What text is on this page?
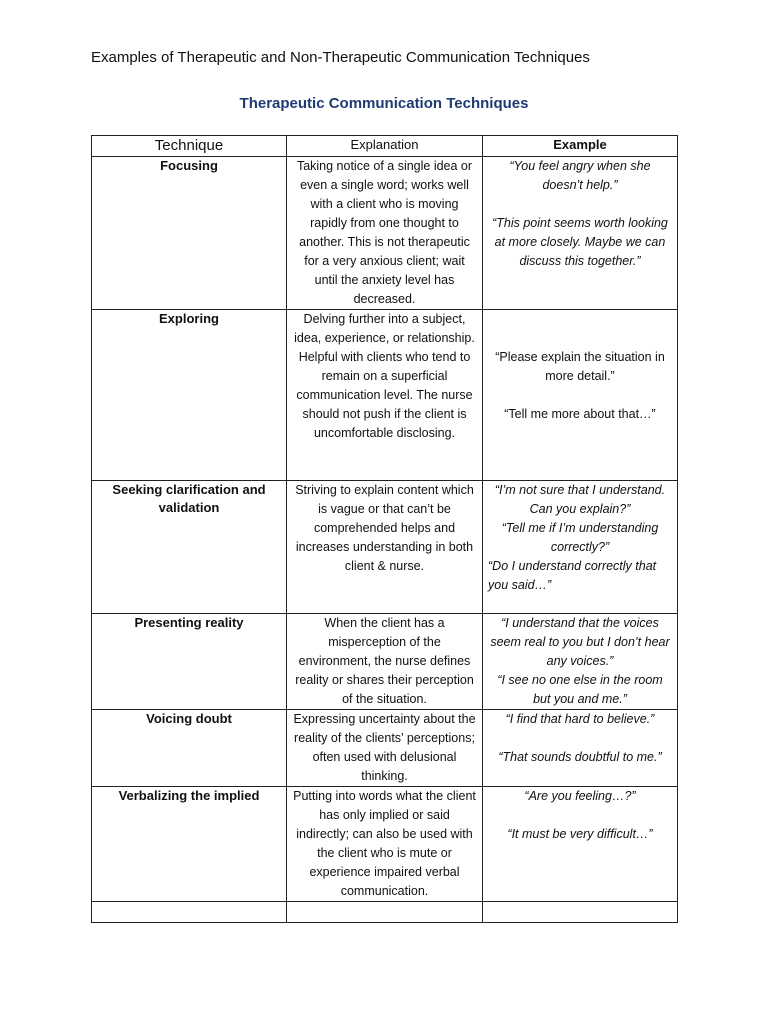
Examples of Therapeutic and Non-Therapeutic Communication Techniques
Therapeutic Communication Techniques
Technique	Explanation	Example
Focusing	Taking notice of a single idea or even a single word; works well with a client who is moving rapidly from one thought to another. This is not therapeutic for a very anxious client; wait until the anxiety level has decreased.	“You feel angry when she doesn’t help.”
“This point seems worth looking at more closely. Maybe we can discuss this together.”

Exploring	Delving further into a subject, idea, experience, or relationship. Helpful with clients who tend to remain on a superficial communication level. The nurse should not push if the client is uncomfortable disclosing.	“Please explain the situation in more detail.”
“Tell me more about that…”

Seeking clarification and validation	Striving to explain content which is vague or that can’t be comprehended helps and increases understanding in both client & nurse.	“I’m not sure that I understand. Can you explain?”
“Tell me if I’m understanding correctly?”
“Do I understand correctly that you said…”

Presenting reality	When the client has a misperception of the environment, the nurse defines reality or shares their perception of the situation.	“I understand that the voices seem real to you but I don’t hear any voices.”
“I see no one else in the room but you and me.”

Voicing doubt	Expressing uncertainty about the reality of the clients’ perceptions; often used with delusional thinking.	“I find that hard to believe.”
“That sounds doubtful to me.”

Verbalizing the implied	Putting into words what the client has only implied or said indirectly; can also be used with the client who is mute or experience impaired verbal communication.	“Are you feeling…?”
“It must be very difficult…”
